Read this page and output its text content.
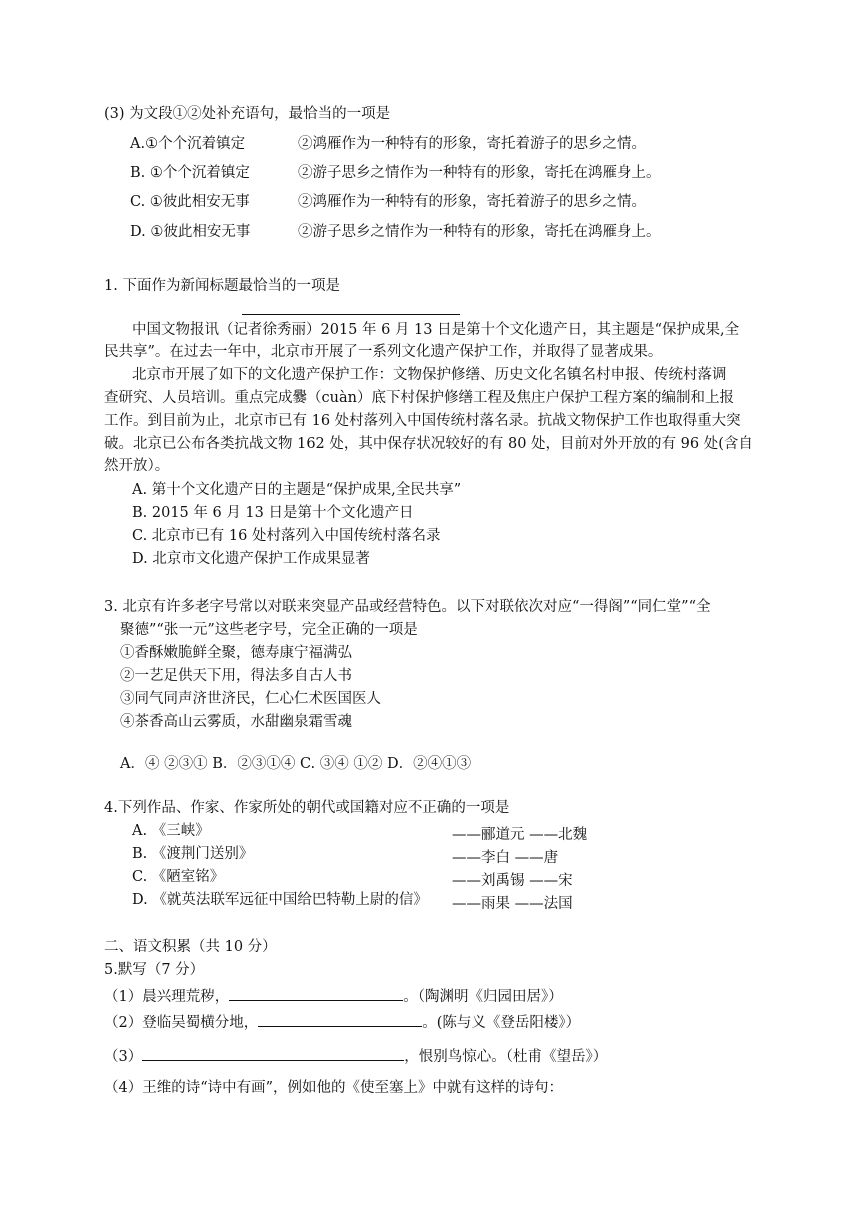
(3) 为文段①②处补充语句，最恰当的一项是
A.①个个沉着镇定	②鸿雁作为一种特有的形象，寄托着游子的思乡之情。
B. ①个个沉着镇定	②游子思乡之情作为一种特有的形象，寄托在鸿雁身上。
C. ①彼此相安无事	②鸿雁作为一种特有的形象，寄托着游子的思乡之情。
D. ①彼此相安无事	②游子思乡之情作为一种特有的形象，寄托在鸿雁身上。
1. 下面作为新闻标题最恰当的一项是
中国文物报讯（记者徐秀丽）2015 年 6 月 13 日是第十个文化遗产日，其主题是“保护成果,全
民共享”。在过去一年中，北京市开展了一系列文化遗产保护工作，并取得了显著成果。
北京市开展了如下的文化遗产保护工作：文物保护修缮、历史文化名镇名村申报、传统村落调
查研究、人员培训。重点完成爨（cuàn）底下村保护修缮工程及焦庄户保护工程方案的编制和上报
工作。到目前为止，北京市已有 16 处村落列入中国传统村落名录。抗战文物保护工作也取得重大突
破。北京已公布各类抗战文物 162 处，其中保存状况较好的有 80 处，目前对外开放的有 96 处(含自
然开放）。
A. 第十个文化遗产日的主题是“保护成果,全民共享”
B. 2015 年 6 月 13 日是第十个文化遗产日
C. 北京市已有 16 处村落列入中国传统村落名录
D. 北京市文化遗产保护工作成果显著
3. 北京有许多老字号常以对联来突显产品或经营特色。以下对联依次对应“一得阁”“同仁堂”“全
聚德”“张一元”这些老字号，完全正确的一项是
①香酥嫩脆鲜全聚，德寿康宁福满弘
②一艺足供天下用，得法多自古人书
③同气同声济世济民，仁心仁术医国医人
④茶香高山云雾质，水甜幽泉霜雪魂
A．④ ②③① B．②③①④ C. ③④ ①② D．②④①③
4.下列作品、作家、作家所处的朝代或国籍对应不正确的一项是
A. 《三峡》	——郦道元 ——北魏
B. 《渡荆门送别》	——李白 ——唐
C. 《陋室铭》	——刘禹锡 ——宋
D. 《就英法联军远征中国给巴特勒上尉的信》 ——雨果 ——法国
二、语文积累（共 10 分）
5.默写（7 分）
（1）晨兴理荒秽，	。（陶渊明《归园田居》）
（2）登临吴蜀横分地，	。(陈与义《登岳阳楼》）
（3）	，恨别鸟惊心。（杜甫《望岳》）
（4）王维的诗“诗中有画”，例如他的《使至塞上》中就有这样的诗句：
